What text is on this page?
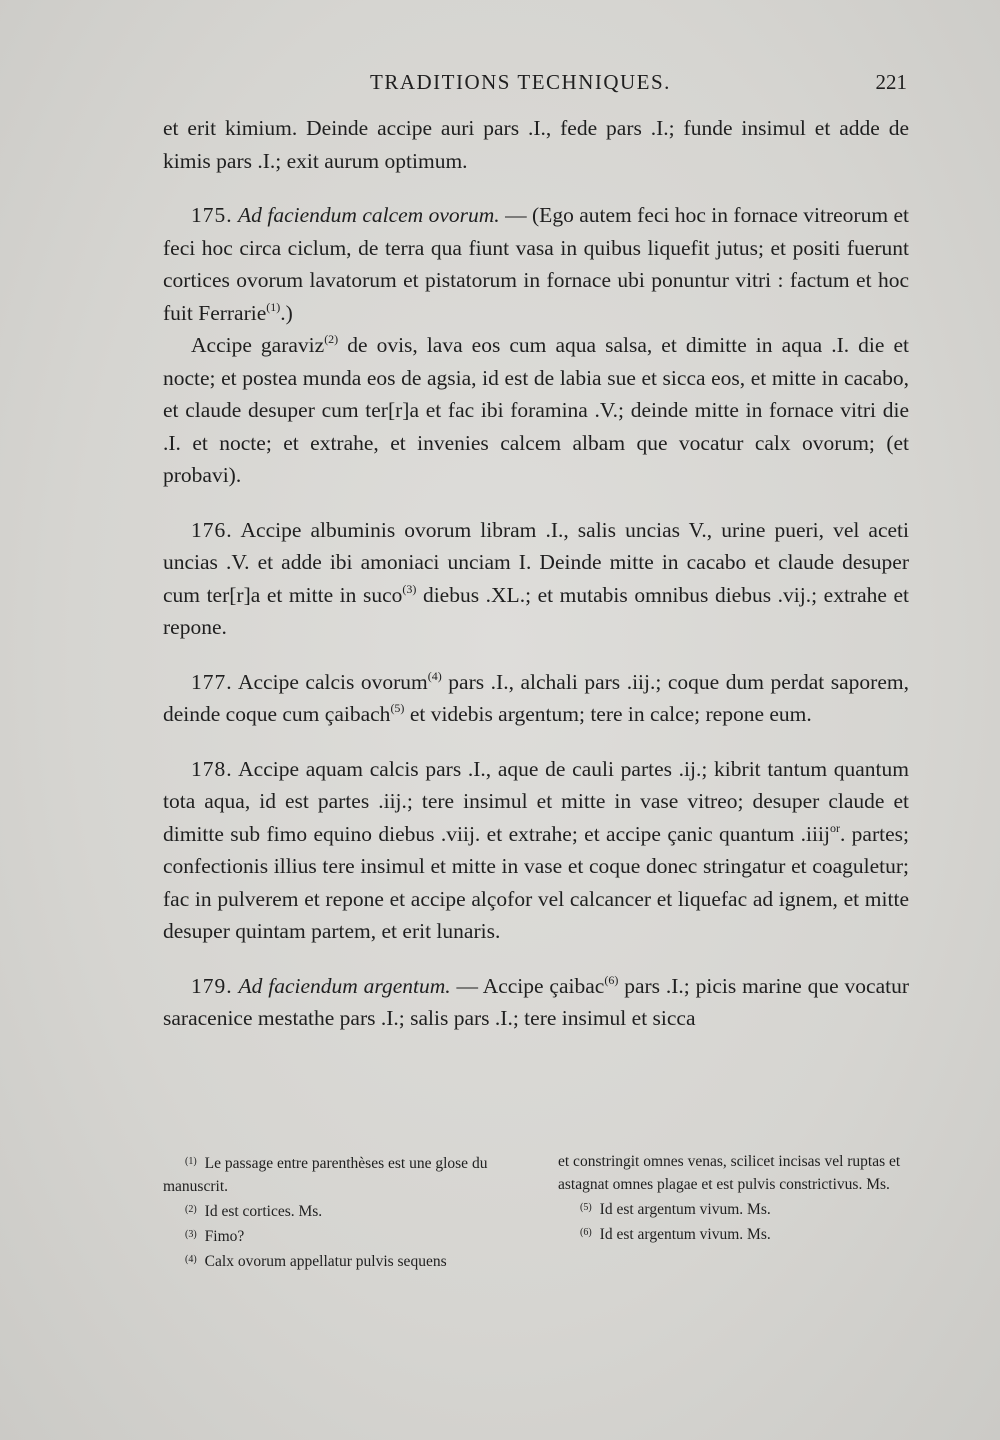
TRADITIONS TECHNIQUES.	221

et erit kimium. Deinde accipe auri pars .I., fede pars .I.; funde insimul et adde de kimis pars .I.; exit aurum optimum.

175. Ad faciendum calcem ovorum. — (Ego autem feci hoc in fornace vitreorum et feci hoc circa ciclum, de terra qua fiunt vasa in quibus liquefit jutus; et positi fuerunt cortices ovorum lavatorum et pistatorum in fornace ubi ponuntur vitri : factum et hoc fuit Ferrarie$^{(1)}$.)

Accipe garaviz$^{(2)}$ de ovis, lava eos cum aqua salsa, et dimitte in aqua .I. die et nocte; et postea munda eos de agsia, id est de labia sue et sicca eos, et mitte in cacabo, et claude desuper cum ter[r]a et fac ibi foramina .V.; deinde mitte in fornace vitri die .I. et nocte; et extrahe, et invenies calcem albam que vocatur calx ovorum; (et probavi).

176. Accipe albuminis ovorum libram .I., salis uncias V., urine pueri, vel aceti uncias .V. et adde ibi amoniaci unciam I. Deinde mitte in cacabo et claude desuper cum ter[r]a et mitte in suco$^{(3)}$ diebus .XL.; et mutabis omnibus diebus .vij.; extrahe et repone.

177. Accipe calcis ovorum$^{(4)}$ pars .I., alchali pars .iij.; coque dum perdat saporem, deinde coque cum çaibach$^{(5)}$ et videbis argentum; tere in calce; repone eum.

178. Accipe aquam calcis pars .I., aque de cauli partes .ij.; kibrit tantum quantum tota aqua, id est partes .iij.; tere insimul et mitte in vase vitreo; desuper claude et dimitte sub fimo equino diebus .viij. et extrahe; et accipe çanic quantum .iiij$^{or}$. partes; confectionis illius tere insimul et mitte in vase et coque donec stringatur et coaguletur; fac in pulverem et repone et accipe alçofor vel calcancer et liquefac ad ignem, et mitte desuper quintam partem, et erit lunaris.

179. Ad faciendum argentum. — Accipe çaibac$^{(6)}$ pars .I.; picis marine que vocatur saracenice mestathe pars .I.; salis pars .I.; tere insimul et sicca

$^{(1)}$ Le passage entre parenthèses est une glose du manuscrit.

$^{(2)}$ Id est cortices. Ms.

$^{(3)}$ Fimo?

$^{(4)}$ Calx ovorum appellatur pulvis sequens

et constringit omnes venas, scilicet incisas vel ruptas et astagnat omnes plagae et est pulvis constrictivus. Ms.

$^{(5)}$ Id est argentum vivum. Ms.

$^{(6)}$ Id est argentum vivum. Ms.
